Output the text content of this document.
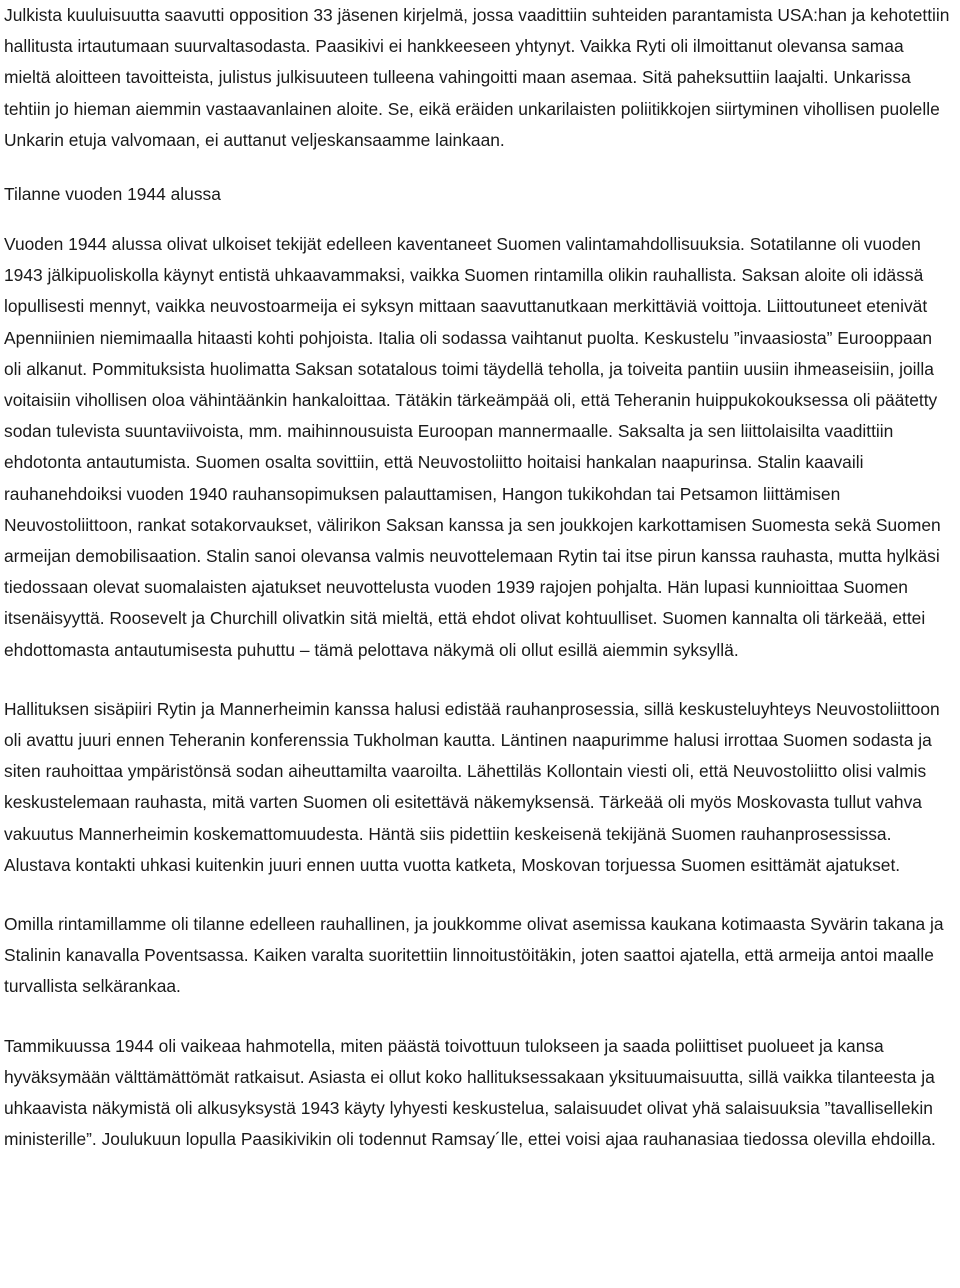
Julkista kuuluisuutta saavutti opposition 33 jäsenen kirjelmä, jossa vaadittiin suhteiden parantamista USA:han ja kehotettiin hallitusta irtautumaan suurvaltasodasta. Paasikivi ei hankkeeseen yhtynyt. Vaikka Ryti oli ilmoittanut olevansa samaa mieltä aloitteen tavoitteista, julistus julkisuuteen tulleena vahingoitti maan asemaa. Sitä paheksuttiin laajalti. Unkarissa tehtiin jo hieman aiemmin vastaavanlainen aloite. Se, eikä eräiden unkarilaisten poliitikkojen siirtyminen vihollisen puolelle Unkarin etuja valvomaan, ei auttanut veljeskansaamme lainkaan.

Tilanne vuoden 1944 alussa

Vuoden 1944 alussa olivat ulkoiset tekijät edelleen kaventaneet Suomen valintamahdollisuuksia. Sotatilanne oli vuoden 1943 jälkipuoliskolla käynyt entistä uhkaavammaksi, vaikka Suomen rintamilla olikin rauhallista. Saksan aloite oli idässä lopullisesti mennyt, vaikka neuvostoarmeija ei syksyn mittaan saavuttanutkaan merkittäviä voittoja. Liittoutuneet etenivät Apenniinien niemimaalla hitaasti kohti pohjoista. Italia oli sodassa vaihtanut puolta. Keskustelu ”invaasiosta” Eurooppaan oli alkanut. Pommituksista huolimatta Saksan sotatalous toimi täydellä teholla, ja toiveita pantiin uusiin ihmeaseisiin, joilla voitaisiin vihollisen oloa vähintäänkin hankaloittaa. Tätäkin tärkeämpää oli, että Teheranin huippukokouksessa oli päätetty sodan tulevista suuntaviivoista, mm. maihinnousuista Euroopan mannermaalle. Saksalta ja sen liittolaisilta vaadittiin ehdotonta antautumista. Suomen osalta sovittiin, että Neuvostoliitto hoitaisi hankalan naapurinsa. Stalin kaavaili rauhanehdoiksi vuoden 1940 rauhansopimuksen palauttamisen, Hangon tukikohdan tai Petsamon liittämisen Neuvostoliittoon, rankat sotakorvaukset, välirikon Saksan kanssa ja sen joukkojen karkottamisen Suomesta sekä Suomen armeijan demobilisaation. Stalin sanoi olevansa valmis neuvottelemaan Rytin tai itse pirun kanssa rauhasta, mutta hylkäsi tiedossaan olevat suomalaisten ajatukset neuvottelusta vuoden 1939 rajojen pohjalta. Hän lupasi kunnioittaa Suomen itsenäisyyttä. Roosevelt ja Churchill olivatkin sitä mieltä, että ehdot olivat kohtuulliset. Suomen kannalta oli tärkeää, ettei ehdottomasta antautumisesta puhuttu – tämä pelottava näkymä oli ollut esillä aiemmin syksyllä.

Hallituksen sisäpiiri Rytin ja Mannerheimin kanssa halusi edistää rauhanprosessia, sillä keskusteluyhteys Neuvostoliittoon oli avattu juuri ennen Teheranin konferenssia Tukholman kautta. Läntinen naapurimme halusi irrottaa Suomen sodasta ja siten rauhoittaa ympäristönsä sodan aiheuttamilta vaaroilta. Lähettiläs Kollontain viesti oli, että Neuvostoliitto olisi valmis keskustelemaan rauhasta, mitä varten Suomen oli esitettävä näkemyksensä. Tärkeää oli myös Moskovasta tullut vahva vakuutus Mannerheimin koskemattomuudesta. Häntä siis pidettiin keskeisenä tekijänä Suomen rauhanprosessissa. Alustava kontakti uhkasi kuitenkin juuri ennen uutta vuotta katketa, Moskovan torjuessa Suomen esittämät ajatukset.

Omilla rintamillamme oli tilanne edelleen rauhallinen, ja joukkomme olivat asemissa kaukana kotimaasta Syvärin takana ja Stalinin kanavalla Poventsassa. Kaiken varalta suoritettiin linnoitustöitäkin, joten saattoi ajatella, että armeija antoi maalle turvallista selkärankaa.

Tammikuussa 1944 oli vaikeaa hahmotella, miten päästä toivottuun tulokseen ja saada poliittiset puolueet ja kansa hyväksymään välttämättömät ratkaisut. Asiasta ei ollut koko hallituksessakaan yksituumaisuutta, sillä vaikka tilanteesta ja uhkaavista näkymistä oli alkusyksystä 1943 käyty lyhyesti keskustelua, salaisuudet olivat yhä salaisuuksia ”tavallisellekin ministerille”. Joulukuun lopulla Paasikivikin oli todennut Ramsay´lle, ettei voisi ajaa rauhanasiaa tiedossa olevilla ehdoilla.
